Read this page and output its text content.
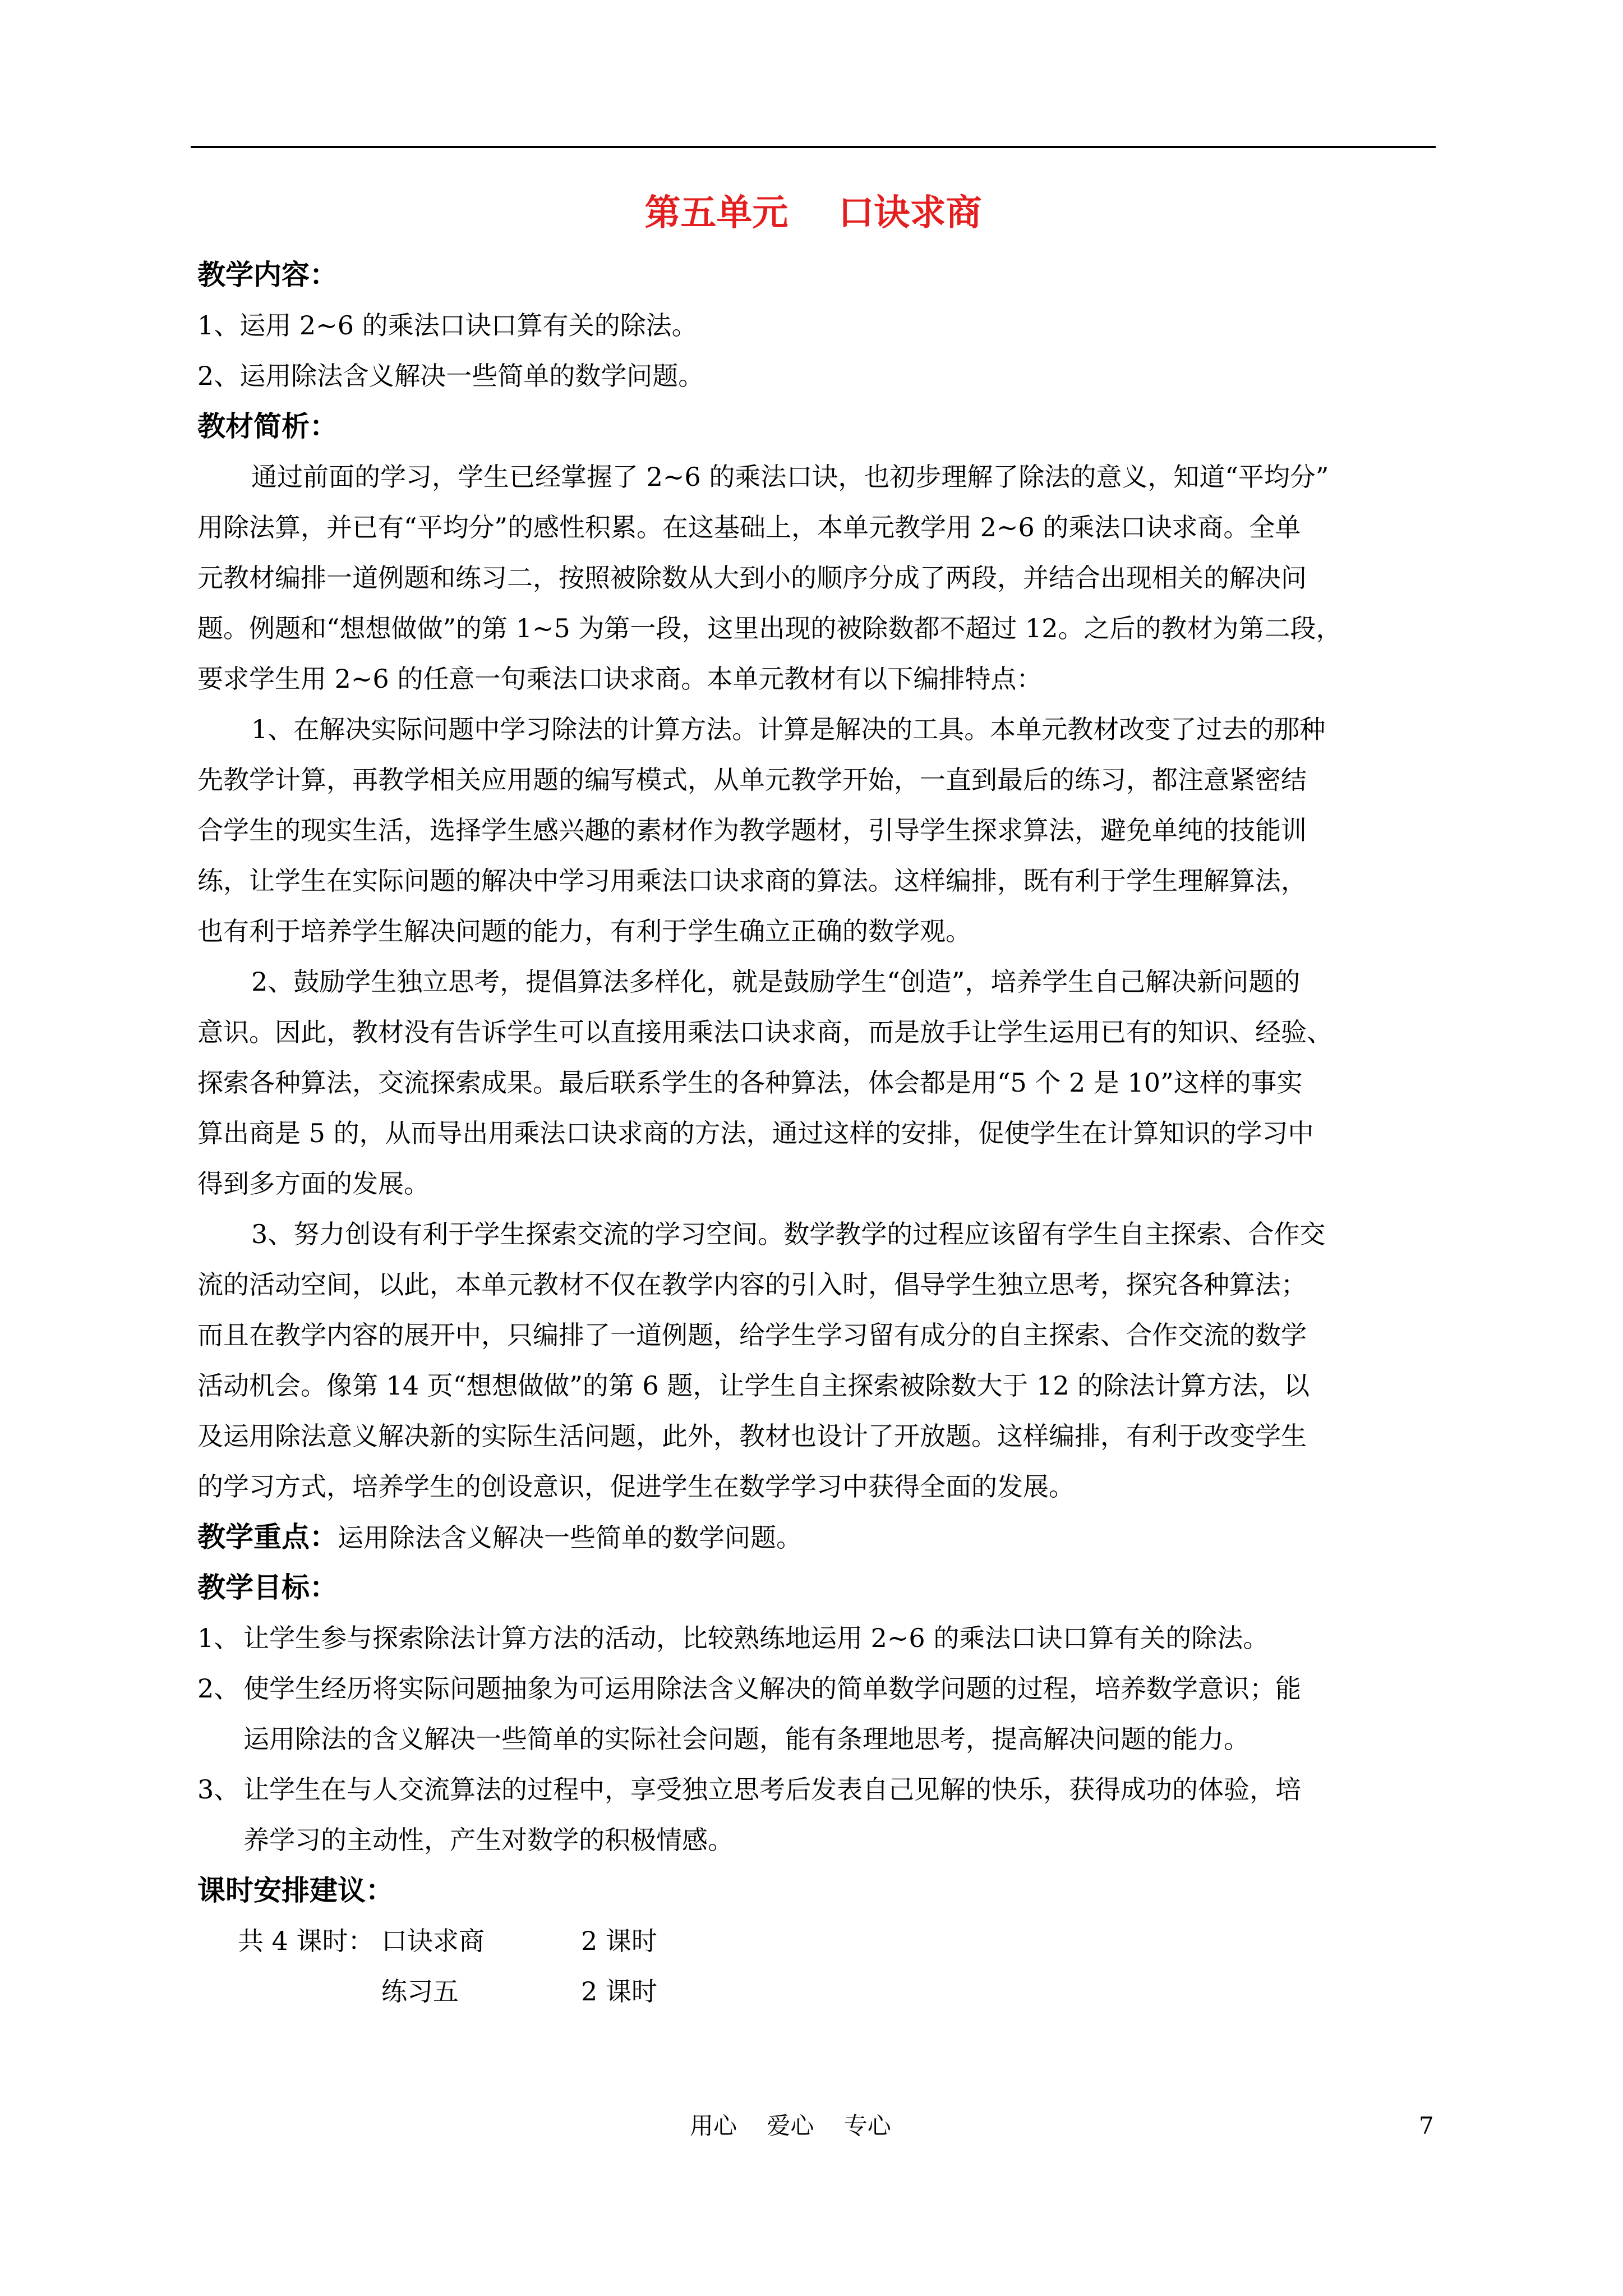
第五单元    口诀求商
教学内容：
1、运用 2~6 的乘法口诀口算有关的除法。
2、运用除法含义解决一些简单的数学问题。
教材简析：
通过前面的学习，学生已经掌握了 2~6 的乘法口诀，也初步理解了除法的意义，知道“平均分”
用除法算，并已有“平均分”的感性积累。在这基础上，本单元教学用 2~6 的乘法口诀求商。全单
元教材编排一道例题和练习二，按照被除数从大到小的顺序分成了两段，并结合出现相关的解决问
题。例题和“想想做做”的第 1~5 为第一段，这里出现的被除数都不超过 12。之后的教材为第二段，
要求学生用 2~6 的任意一句乘法口诀求商。本单元教材有以下编排特点：
1、在解决实际问题中学习除法的计算方法。计算是解决的工具。本单元教材改变了过去的那种
先教学计算，再教学相关应用题的编写模式，从单元教学开始，一直到最后的练习，都注意紧密结
合学生的现实生活，选择学生感兴趣的素材作为教学题材，引导学生探求算法，避免单纯的技能训
练，让学生在实际问题的解决中学习用乘法口诀求商的算法。这样编排，既有利于学生理解算法，
也有利于培养学生解决问题的能力，有利于学生确立正确的数学观。
2、鼓励学生独立思考，提倡算法多样化，就是鼓励学生“创造”，培养学生自己解决新问题的
意识。因此，教材没有告诉学生可以直接用乘法口诀求商，而是放手让学生运用已有的知识、经验、
探索各种算法，交流探索成果。最后联系学生的各种算法，体会都是用“5 个 2 是 10”这样的事实
算出商是 5 的，从而导出用乘法口诀求商的方法，通过这样的安排，促使学生在计算知识的学习中
得到多方面的发展。
3、努力创设有利于学生探索交流的学习空间。数学教学的过程应该留有学生自主探索、合作交
流的活动空间，以此，本单元教材不仅在教学内容的引入时，倡导学生独立思考，探究各种算法；
而且在教学内容的展开中，只编排了一道例题，给学生学习留有成分的自主探索、合作交流的数学
活动机会。像第 14 页“想想做做”的第 6 题，让学生自主探索被除数大于 12 的除法计算方法，以
及运用除法意义解决新的实际生活问题，此外，教材也设计了开放题。这样编排，有利于改变学生
的学习方式，培养学生的创设意识，促进学生在数学学习中获得全面的发展。
教学重点：运用除法含义解决一些简单的数学问题。
教学目标：
1、 让学生参与探索除法计算方法的活动，比较熟练地运用 2~6 的乘法口诀口算有关的除法。
2、 使学生经历将实际问题抽象为可运用除法含义解决的简单数学问题的过程，培养数学意识；能
运用除法的含义解决一些简单的实际社会问题，能有条理地思考，提高解决问题的能力。
3、 让学生在与人交流算法的过程中，享受独立思考后发表自己见解的快乐，获得成功的体验，培
养学习的主动性，产生对数学的积极情感。
课时安排建议：
共 4 课时： 口诀求商	2 课时
练习五	2 课时
用心    爱心    专心	7
